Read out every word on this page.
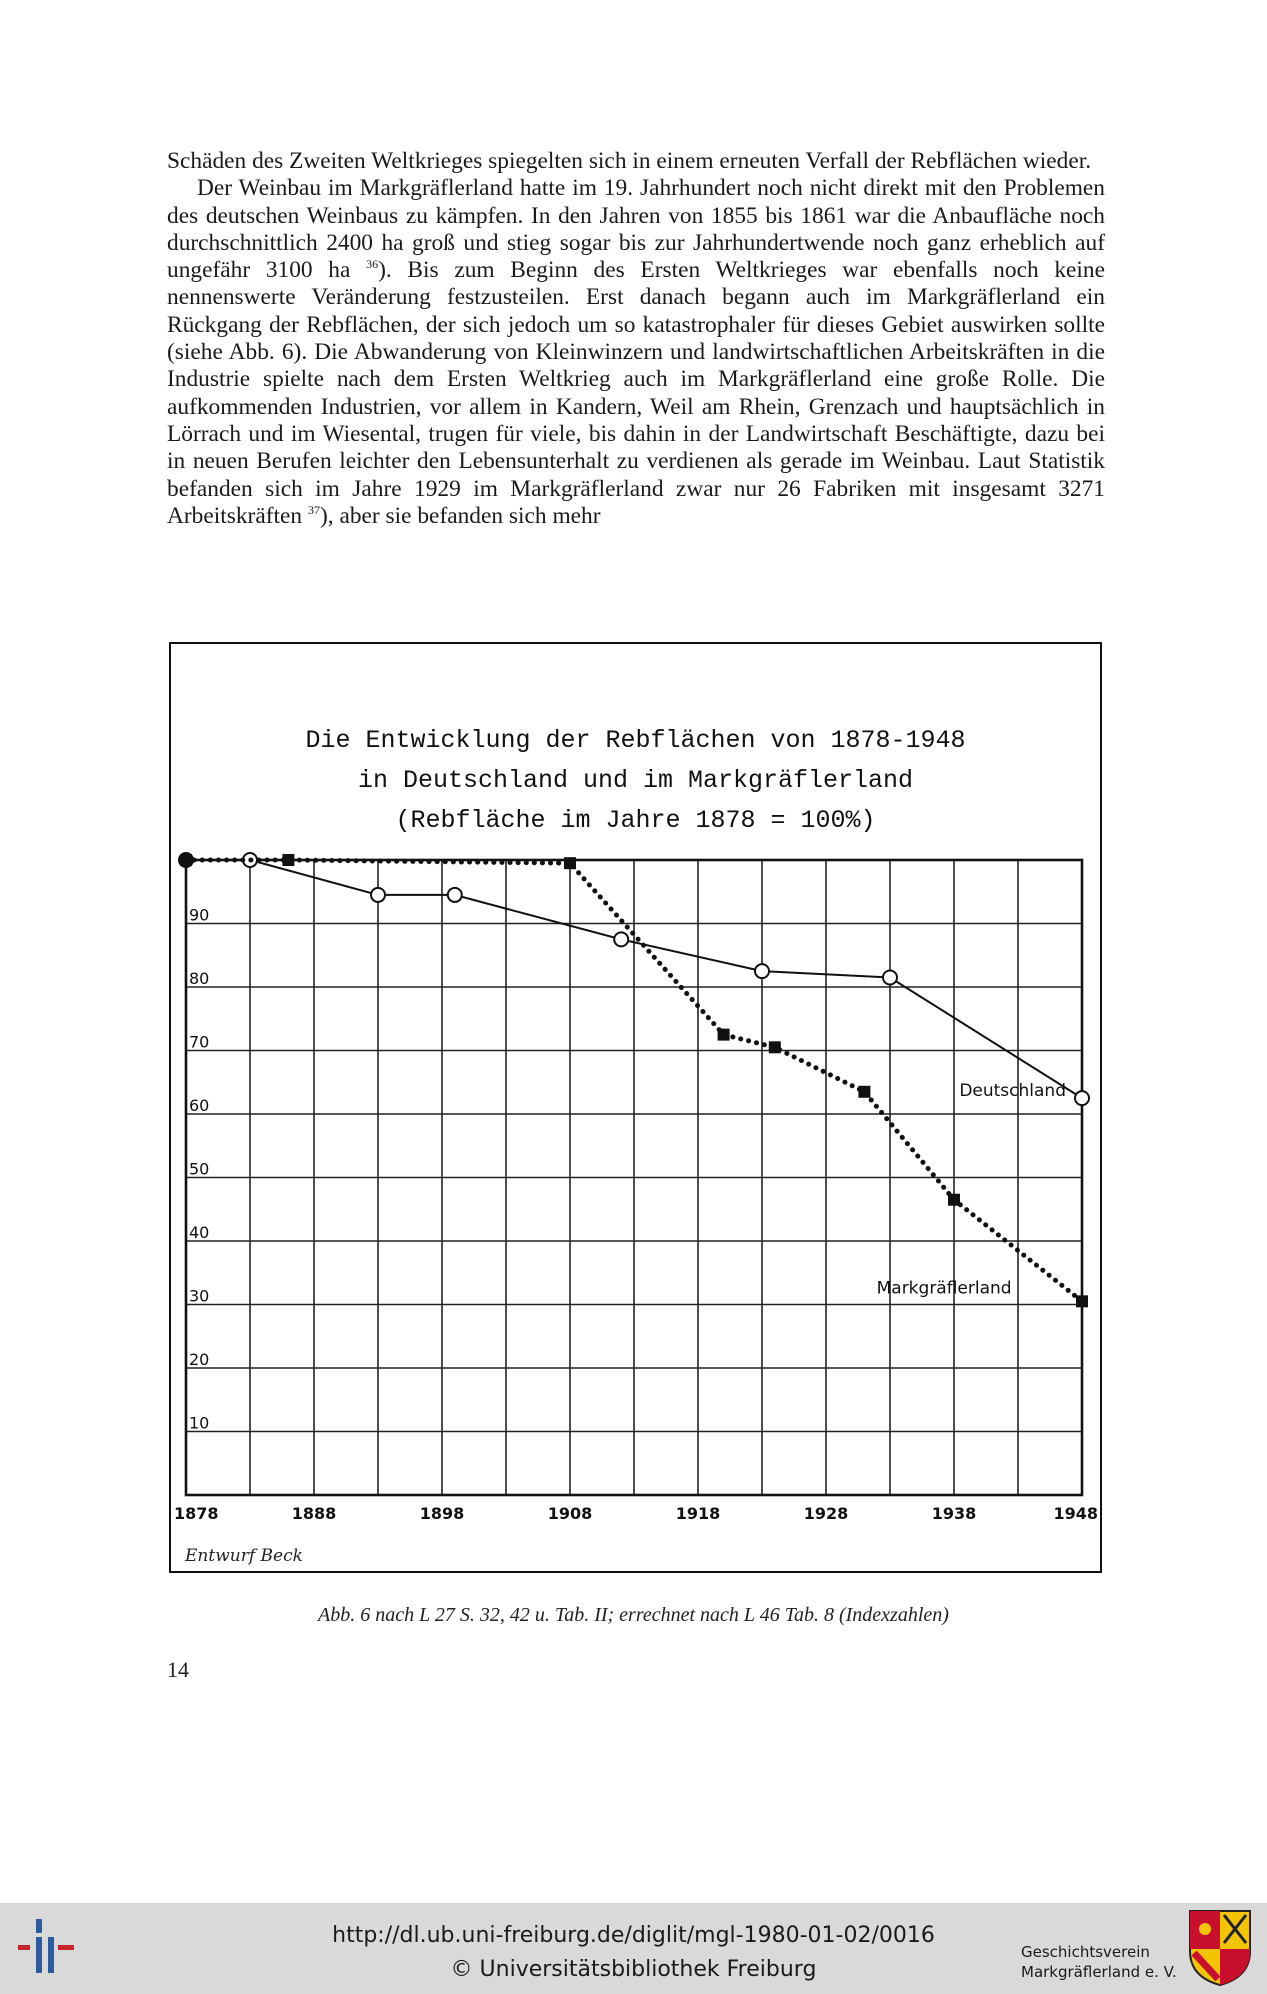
Schäden des Zweiten Weltkrieges spiegelten sich in einem erneuten Verfall der Rebflächen wieder.

Der Weinbau im Markgräflerland hatte im 19. Jahrhundert noch nicht direkt mit den Problemen des deutschen Weinbaus zu kämpfen. In den Jahren von 1855 bis 1861 war die Anbaufläche noch durchschnittlich 2400 ha groß und stieg sogar bis zur Jahrhundertwende noch ganz erheblich auf ungefähr 3100 ha $^{36}$). Bis zum Beginn des Ersten Weltkrieges war ebenfalls noch keine nennenswerte Veränderung festzusteilen. Erst danach begann auch im Markgräflerland ein Rückgang der Rebflächen, der sich jedoch um so katastrophaler für dieses Gebiet auswirken sollte (siehe Abb. 6). Die Abwanderung von Kleinwinzern und landwirtschaftlichen Arbeitskräften in die Industrie spielte nach dem Ersten Weltkrieg auch im Markgräflerland eine große Rolle. Die aufkommenden Industrien, vor allem in Kandern, Weil am Rhein, Grenzach und hauptsächlich in Lörrach und im Wiesental, trugen für viele, bis dahin in der Landwirtschaft Beschäftigte, dazu bei in neuen Berufen leichter den Lebensunterhalt zu verdienen als gerade im Weinbau. Laut Statistik befanden sich im Jahre 1929 im Markgräflerland zwar nur 26 Fabriken mit insgesamt 3271 Arbeitskräften $^{37}$), aber sie befanden sich mehr

10
20
30
40
50
60
70
80
90
1878	1888	1898	1908	1918	1928	1938	1948
Deutschland
Markgräflerland
Die Entwicklung der Rebflächen von 1878-1948
in Deutschland und im Markgräflerland
(Rebfläche im Jahre 1878 = 100%)
Entwurf Beck
Abb. 6 nach L 27 S. 32, 42 u. Tab. II; errechnet nach L 46 Tab. 8 (Indexzahlen)
14
http://dl.ub.uni-freiburg.de/diglit/mgl-1980-01-02/0016
© Universitätsbibliothek Freiburg
Geschichtsverein
Markgräflerland e. V.
